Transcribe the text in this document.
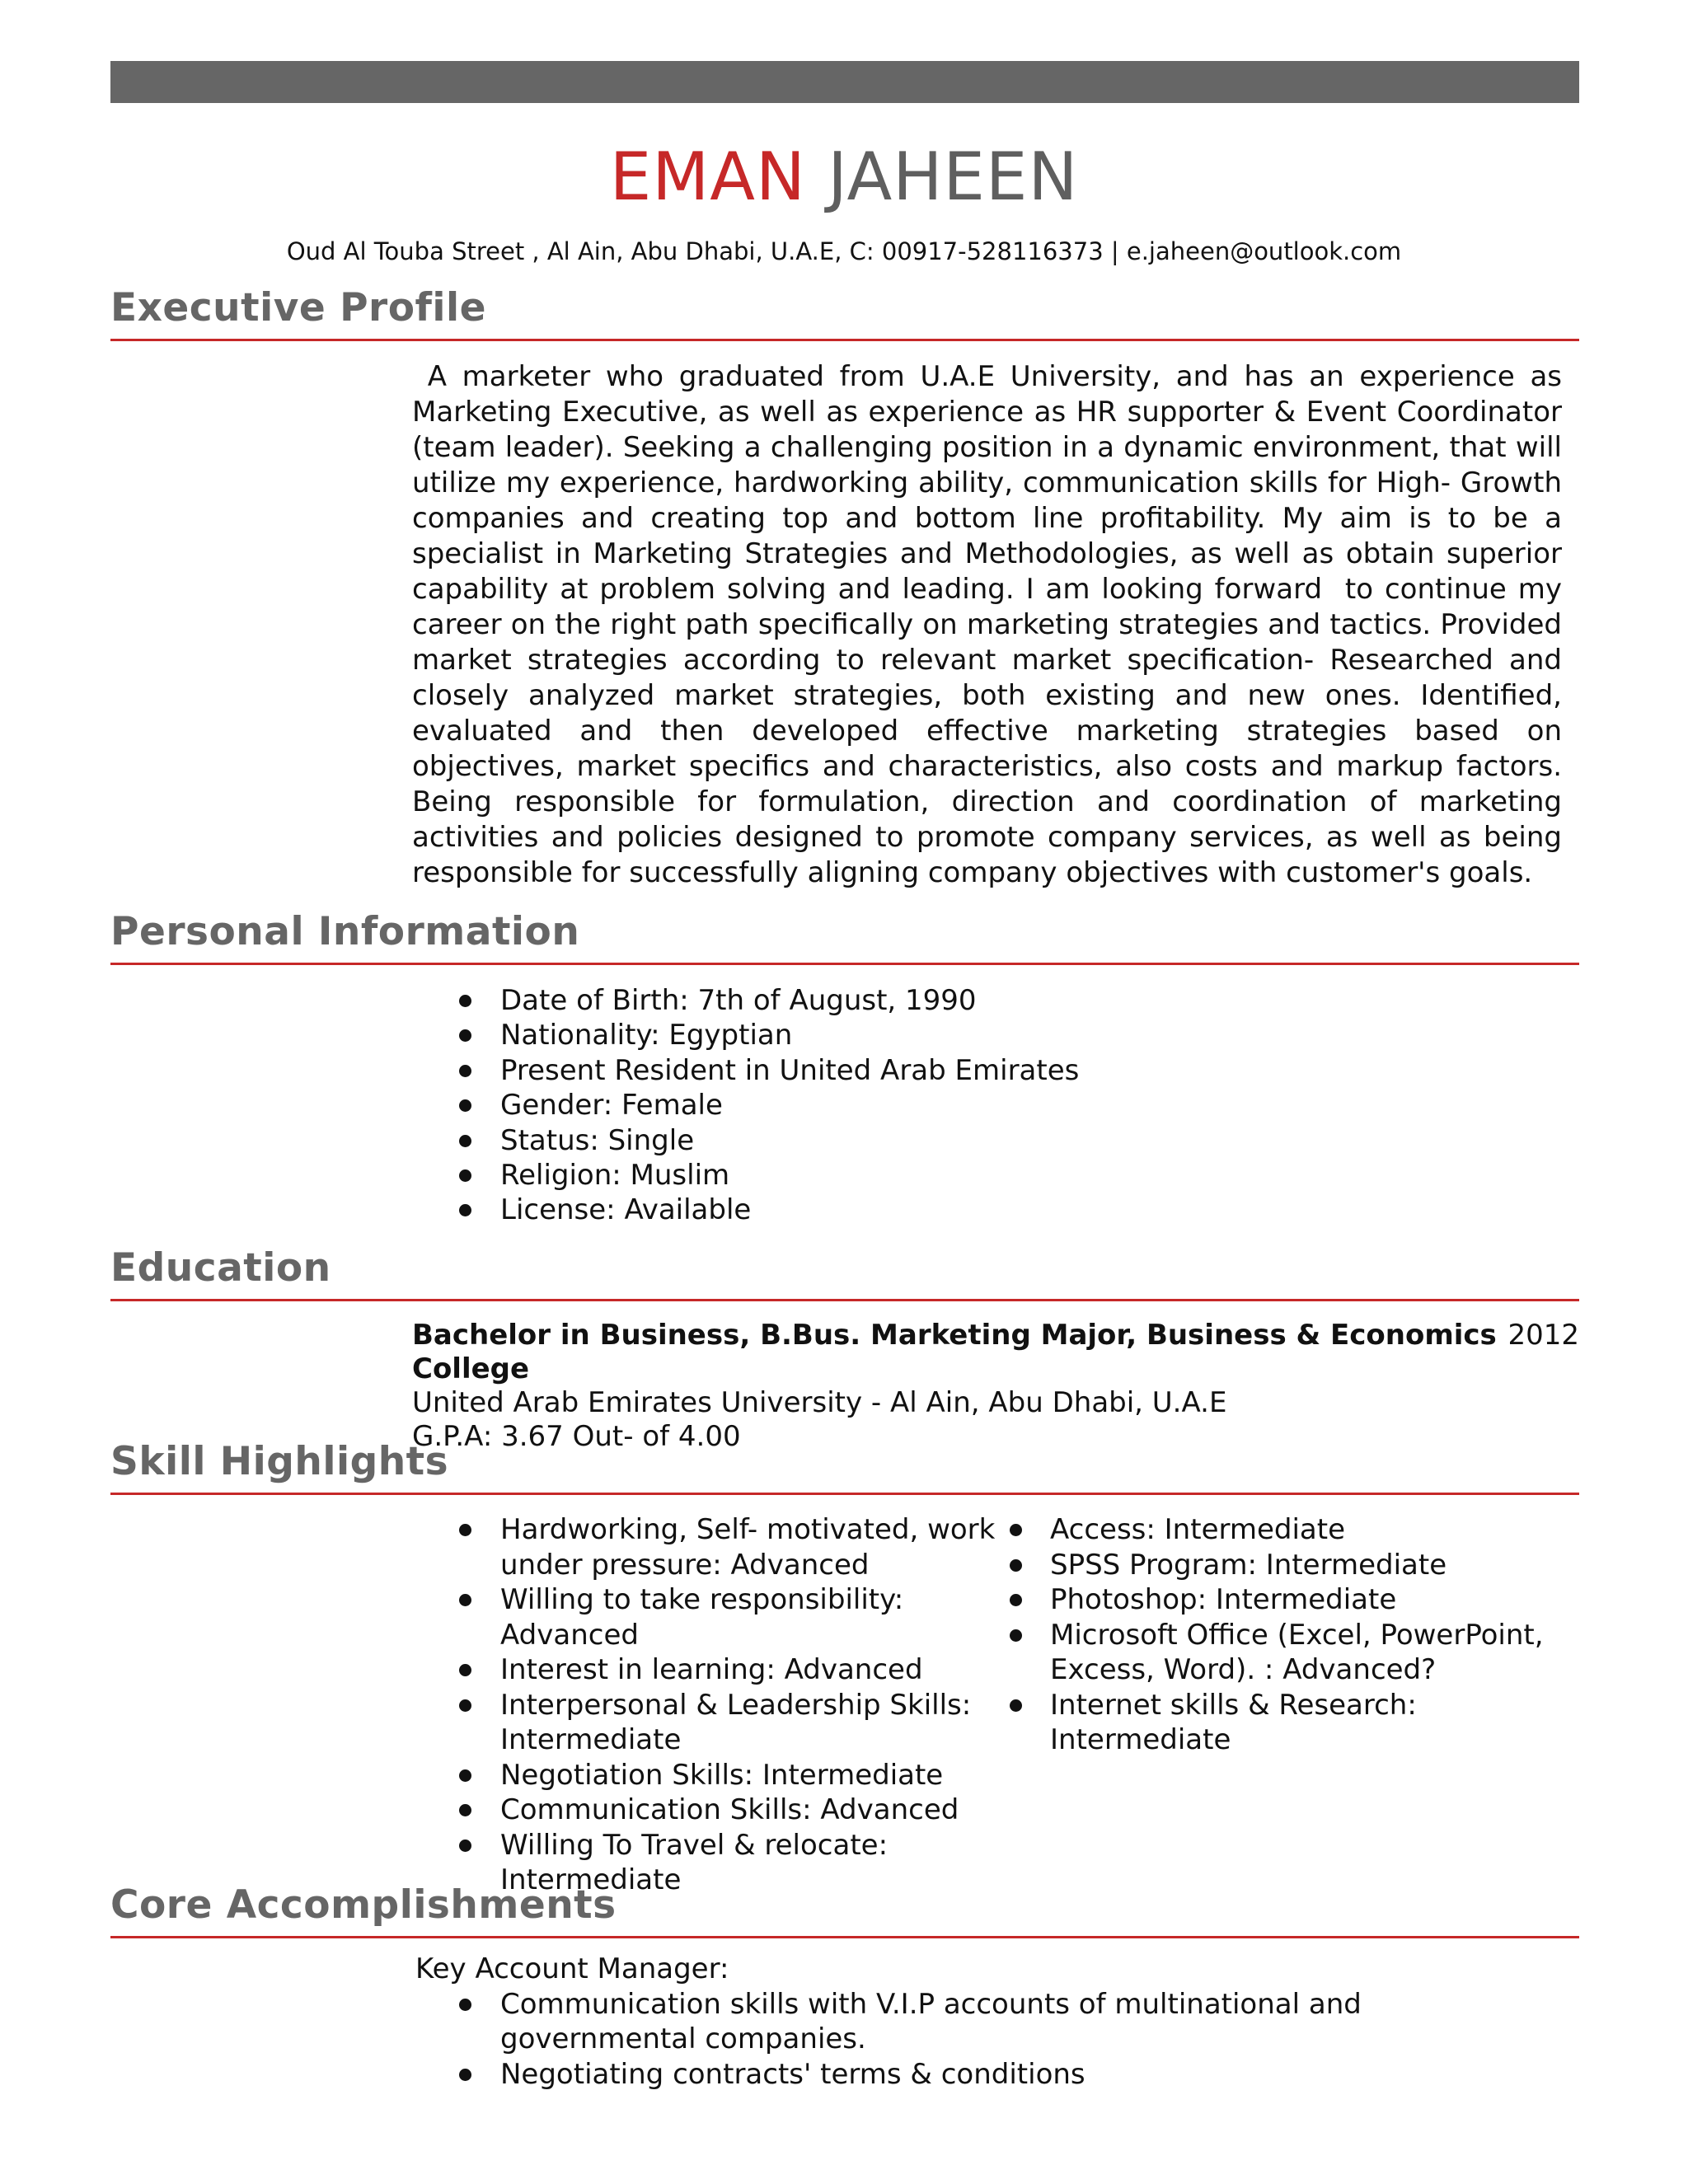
EMAN JAHEEN
Oud Al Touba Street , Al Ain, Abu Dhabi, U.A.E, C: 00917-528116373 | e.jaheen@outlook.com
Executive Profile

A marketer who graduated from U.A.E University, and has an experience as Marketing Executive, as well as experience as HR supporter & Event Coordinator (team leader). Seeking a challenging position in a dynamic environment, that will utilize my experience, hardworking ability, communication skills for High- Growth companies and creating top and bottom line profitability. My aim is to be a specialist in Marketing Strategies and Methodologies, as well as obtain superior capability at problem solving and leading. I am looking forward  to continue my career on the right path specifically on marketing strategies and tactics. Provided market strategies according to relevant market specification- Researched and closely analyzed market strategies, both existing and new ones. Identified, evaluated and then developed effective marketing strategies based on objectives, market specifics and characteristics, also costs and markup factors. Being responsible for formulation, direction and coordination of marketing activities and policies designed to promote company services, as well as being responsible for successfully aligning company objectives with customer's goals.

Personal Information
Date of Birth: 7th of August, 1990
Nationality: Egyptian
Present Resident in United Arab Emirates
Gender: Female
Status: Single
Religion: Muslim
License: Available
Education
Bachelor in Business, B.Bus. Marketing Major, Business & Economics College
2012
United Arab Emirates University - Al Ain, Abu Dhabi, U.A.E
G.P.A: 3.67 Out- of 4.00
Skill Highlights
Hardworking, Self- motivated, work under pressure: Advanced
Willing to take responsibility: Advanced
Interest in learning: Advanced
Interpersonal & Leadership Skills: Intermediate
Negotiation Skills: Intermediate
Communication Skills: Advanced
Willing To Travel & relocate: Intermediate
Access: Intermediate
SPSS Program: Intermediate
Photoshop: Intermediate
Microsoft Office (Excel, PowerPoint, Excess, Word). : Advanced?
Internet skills & Research: Intermediate
Core Accomplishments
Key Account Manager:
Communication skills with V.I.P accounts of multinational and governmental companies.
Negotiating contracts' terms & conditions
